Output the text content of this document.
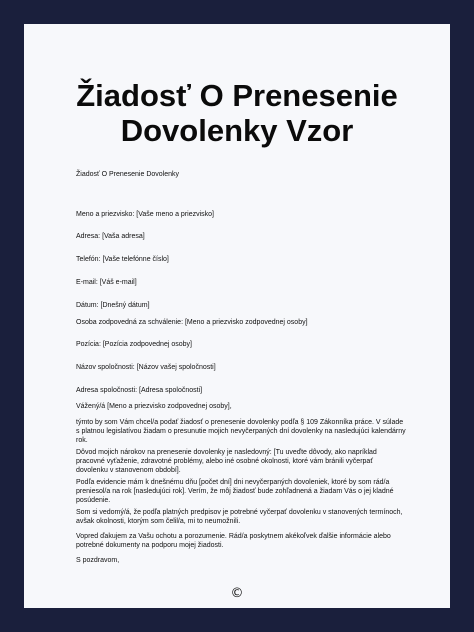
Žiadosť O Prenesenie
Dovolenky Vzor

Žiadosť O Prenesenie Dovolenky

Meno a priezvisko: [Vaše meno a priezvisko]

Adresa: [Vaša adresa]

Telefón: [Vaše telefónne číslo]

E-mail: [Váš e-mail]

Dátum: [Dnešný dátum]

Osoba zodpovedná za schválenie: [Meno a priezvisko zodpovednej osoby]

Pozícia: [Pozícia zodpovednej osoby]

Názov spoločnosti: [Názov vašej spoločnosti]

Adresa spoločnosti: [Adresa spoločnosti]

Vážený/á [Meno a priezvisko zodpovednej osoby],

týmto by som Vám chcel/a podať žiadosť o prenesenie dovolenky podľa § 109 Zákonníka práce. V súlade s platnou legislatívou žiadam o presunutie mojich nevyčerpaných dní dovolenky na nasledujúci kalendárny rok.

Dôvod mojich nárokov na prenesenie dovolenky je nasledovný: [Tu uveďte dôvody, ako napríklad pracovné vyťaženie, zdravotné problémy, alebo iné osobné okolnosti, ktoré vám bránili vyčerpať dovolenku v stanovenom období].

Podľa evidencie mám k dnešnému dňu [počet dní] dni nevyčerpaných dovoleniek, ktoré by som rád/a preniesol/a na rok [nasledujúci rok]. Verím, že môj žiadosť bude zohľadnená a žiadam Vás o jej kladné posúdenie.

Som si vedomý/á, že podľa platných predpisov je potrebné vyčerpať dovolenku v stanovených termínoch, avšak okolnosti, ktorým som čelil/a, mi to neumožnili.

Vopred ďakujem za Vašu ochotu a porozumenie. Rád/a poskytnem akékoľvek ďalšie informácie alebo potrebné dokumenty na podporu mojej žiadosti.

S pozdravom,

©
